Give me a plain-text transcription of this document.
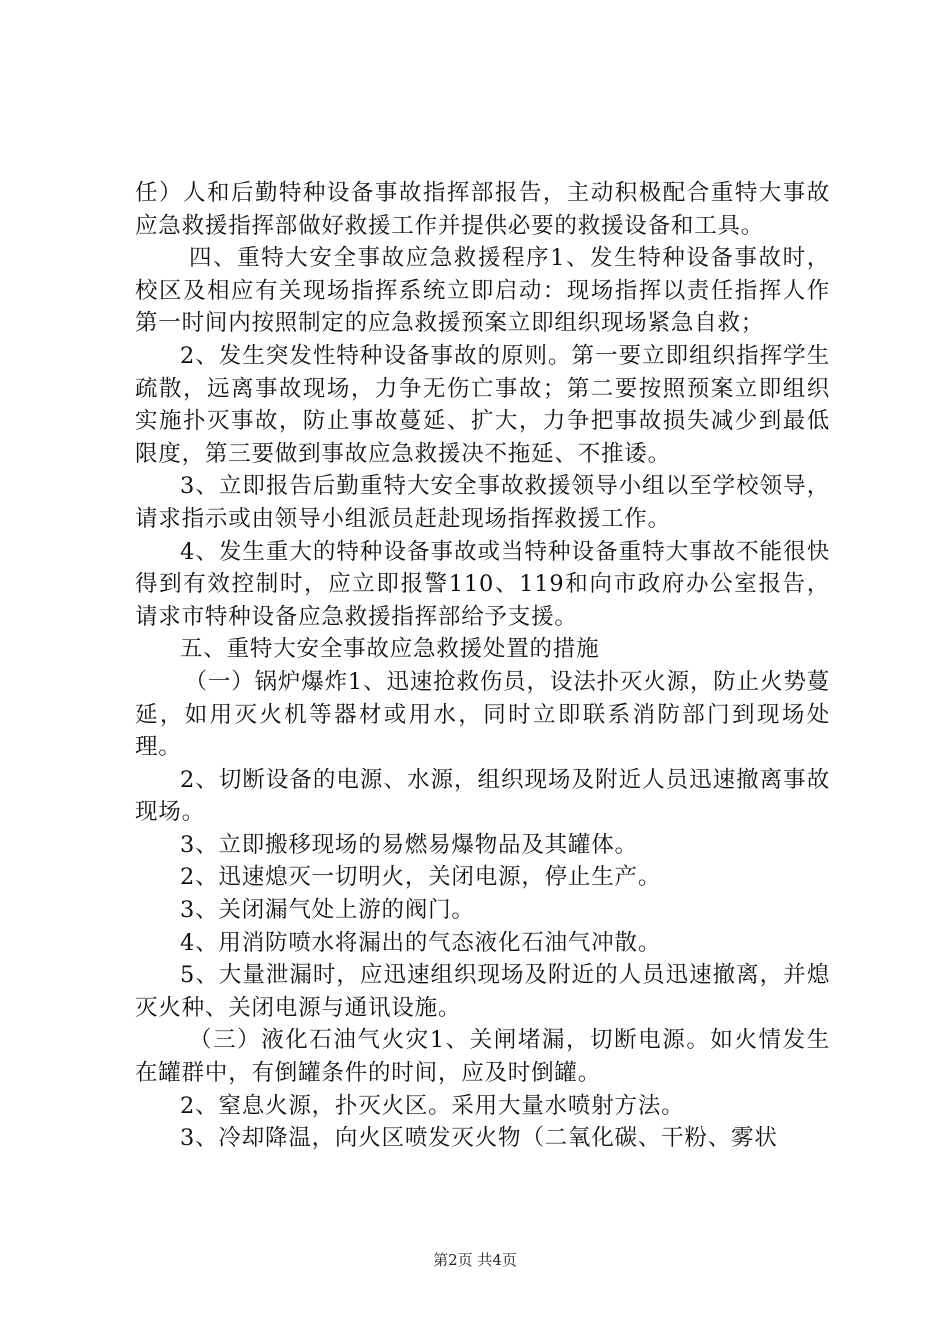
任）人和后勤特种设备事故指挥部报告，主动积极配合重特大事故应急救援指挥部做好救援工作并提供必要的救援设备和工具。

四、重特大安全事故应急救援程序1、发生特种设备事故时，校区及相应有关现场指挥系统立即启动：现场指挥以责任指挥人作第一时间内按照制定的应急救援预案立即组织现场紧急自救；

2、发生突发性特种设备事故的原则。第一要立即组织指挥学生疏散，远离事故现场，力争无伤亡事故；第二要按照预案立即组织实施扑灭事故，防止事故蔓延、扩大，力争把事故损失减少到最低限度，第三要做到事故应急救援决不拖延、不推诿。

3、立即报告后勤重特大安全事故救援领导小组以至学校领导，请求指示或由领导小组派员赶赴现场指挥救援工作。

4、发生重大的特种设备事故或当特种设备重特大事故不能很快得到有效控制时，应立即报警110、119和向市政府办公室报告，请求市特种设备应急救援指挥部给予支援。

五、重特大安全事故应急救援处置的措施

（一）锅炉爆炸1、迅速抢救伤员，设法扑灭火源，防止火势蔓延，如用灭火机等器材或用水，同时立即联系消防部门到现场处理。

2、切断设备的电源、水源，组织现场及附近人员迅速撤离事故现场。

3、立即搬移现场的易燃易爆物品及其罐体。

2、迅速熄灭一切明火，关闭电源，停止生产。

3、关闭漏气处上游的阀门。

4、用消防喷水将漏出的气态液化石油气冲散。

5、大量泄漏时，应迅速组织现场及附近的人员迅速撤离，并熄灭火种、关闭电源与通讯设施。

（三）液化石油气火灾1、关闸堵漏，切断电源。如火情发生在罐群中，有倒罐条件的时间，应及时倒罐。

2、窒息火源，扑灭火区。采用大量水喷射方法。

3、冷却降温，向火区喷发灭火物（二氧化碳、干粉、雾状

第2页 共4页
